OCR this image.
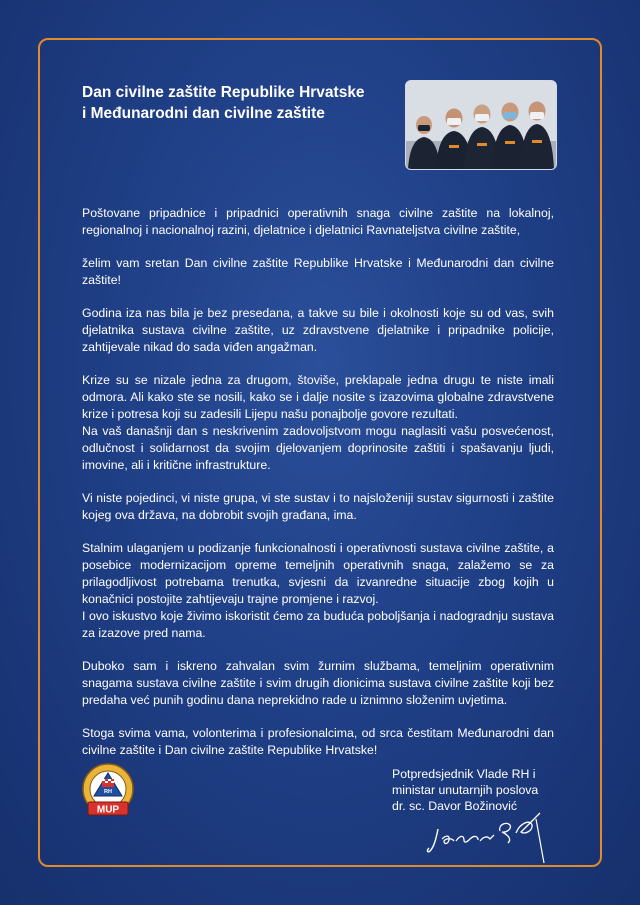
Dan civilne zaštite Republike Hrvatske
i Međunarodni dan civilne zaštite

Poštovane pripadnice i pripadnici operativnih snaga civilne zaštite na lokalnoj, regionalnoj i nacionalnoj razini, djelatnice i djelatnici Ravnateljstva civilne zaštite,

želim vam sretan Dan civilne zaštite Republike Hrvatske i Međunarodni dan civilne zaštite!

Godina iza nas bila je bez presedana, a takve su bile i okolnosti koje su od vas, svih djelatnika sustava civilne zaštite, uz zdravstvene djelatnike i pripadnike policije, zahtijevale nikad do sada viđen angažman.

Krize su se nizale jedna za drugom, štoviše, preklapale jedna drugu te niste imali odmora. Ali kako ste se nosili, kako se i dalje nosite s izazovima globalne zdravstvene krize i potresa koji su zadesili Lijepu našu ponajbolje govore rezultati.

Na vaš današnji dan s neskrivenim zadovoljstvom mogu naglasiti vašu posvećenost, odlučnost i solidarnost da svojim djelovanjem doprinosite zaštiti i spašavanju ljudi, imovine, ali i kritične infrastrukture.

Vi niste pojedinci, vi niste grupa, vi ste sustav i to najsloženiji sustav sigurnosti i zaštite kojeg ova država, na dobrobit svojih građana, ima.

Stalnim ulaganjem u podizanje funkcionalnosti i operativnosti sustava civilne zaštite, a posebice modernizacijom opreme temeljnih operativnih snaga, zalažemo se za prilagodljivost potrebama trenutka, svjesni da izvanredne situacije zbog kojih u konačnici postojite zahtijevaju trajne promjene i razvoj.

I ovo iskustvo koje živimo iskoristit ćemo za buduća poboljšanja i nadogradnju sustava za izazove pred nama.

Duboko sam i iskreno zahvalan svim žurnim službama, temeljnim operativnim snagama sustava civilne zaštite i svim drugih dionicima sustava civilne zaštite koji bez predaha već punih godinu dana neprekidno rade u iznimno složenim uvjetima.

Stoga svima vama, volonterima i profesionalcima, od srca čestitam Međunarodni dan civilne zaštite i Dan civilne zaštite Republike Hrvatske!

RH
MUP
Potpredsjednik Vlade RH i
ministar unutarnjih poslova
dr. sc. Davor Božinović
